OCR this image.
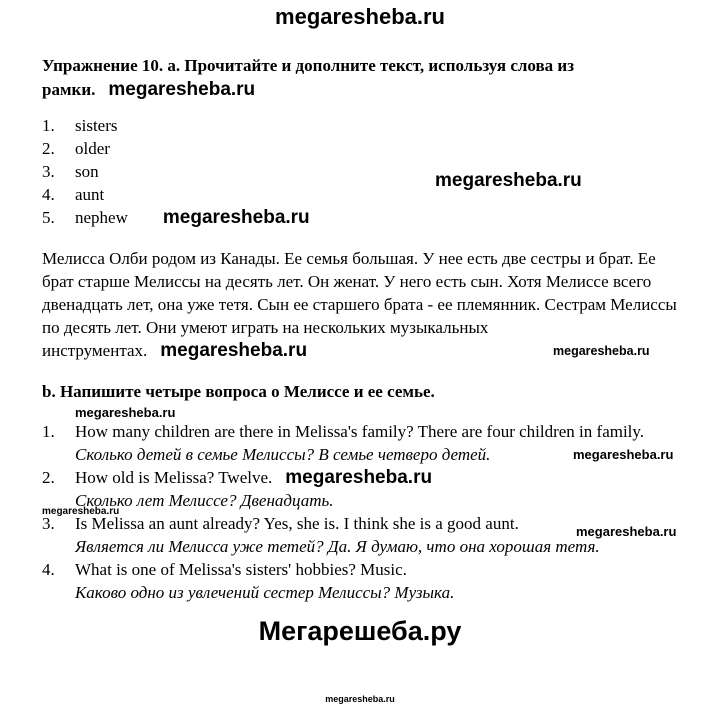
megaresheba.ru
Упражнение 10. a. Прочитайте и дополните текст, используя слова из рамки. megaresheba.ru
1.	sisters
2.	older
3.	son
4.	aunt
5.	nephew megaresheba.ru
Мелисса Олби родом из Канады. Ее семья большая. У нее есть две сестры и брат. Ее брат старше Мелиссы на десять лет. Он женат. У него есть сын. Хотя Мелиссе всего двенадцать лет, она уже тетя. Сын ее старшего брата - ее племянник. Сестрам Мелиссы по десять лет. Они умеют играть на нескольких музыкальных инструментах. megaresheba.ru
b. Напишите четыре вопроса о Мелиссе и ее семье.
megaresheba.ru
1.	How many children are there in Melissa's family? There are four children in family.
Сколько детей в семье Мелиссы? В семье четверо детей.
2.	How old is Melissa? Twelve. megaresheba.ru
Сколько лет Мелиссе? Двенадцать.
3.	Is Melissa an aunt already? Yes, she is. I think she is a good aunt.
Является ли Мелисса уже тетей? Да. Я думаю, что она хорошая тетя.
4.	What is one of Melissa's sisters' hobbies? Music.
Каково одно из увлечений сестер Мелиссы? Музыка.
Мегарешеба.ру
megaresheba.ru
megaresheba.ru
megaresheba.ru
megaresheba.ru
megaresheba.ru
megaresheba.ru
